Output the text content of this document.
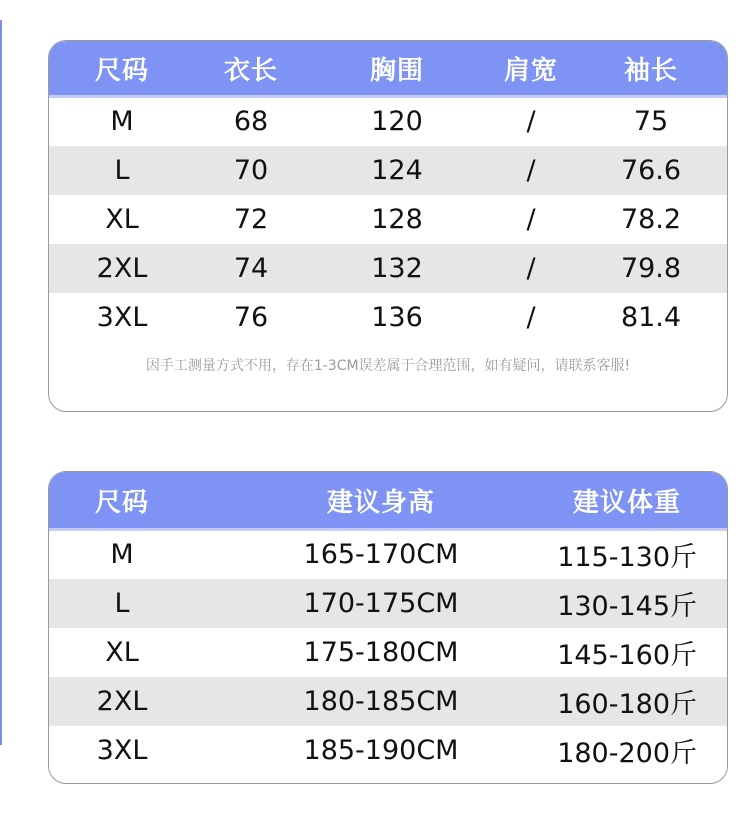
尺码	衣长	胸围	肩宽	袖长
M	68	120	/	75
L	70	124	/	76.6
XL	72	128	/	78.2
2XL	74	132	/	79.8
3XL	76	136	/	81.4
因手工测量方式不用，存在1-3CM误差属于合理范围，如有疑问，请联系客服!
尺码	建议身高	建议体重
M	165-170CM	115-130斤
L	170-175CM	130-145斤
XL	175-180CM	145-160斤
2XL	180-185CM	160-180斤
3XL	185-190CM	180-200斤
